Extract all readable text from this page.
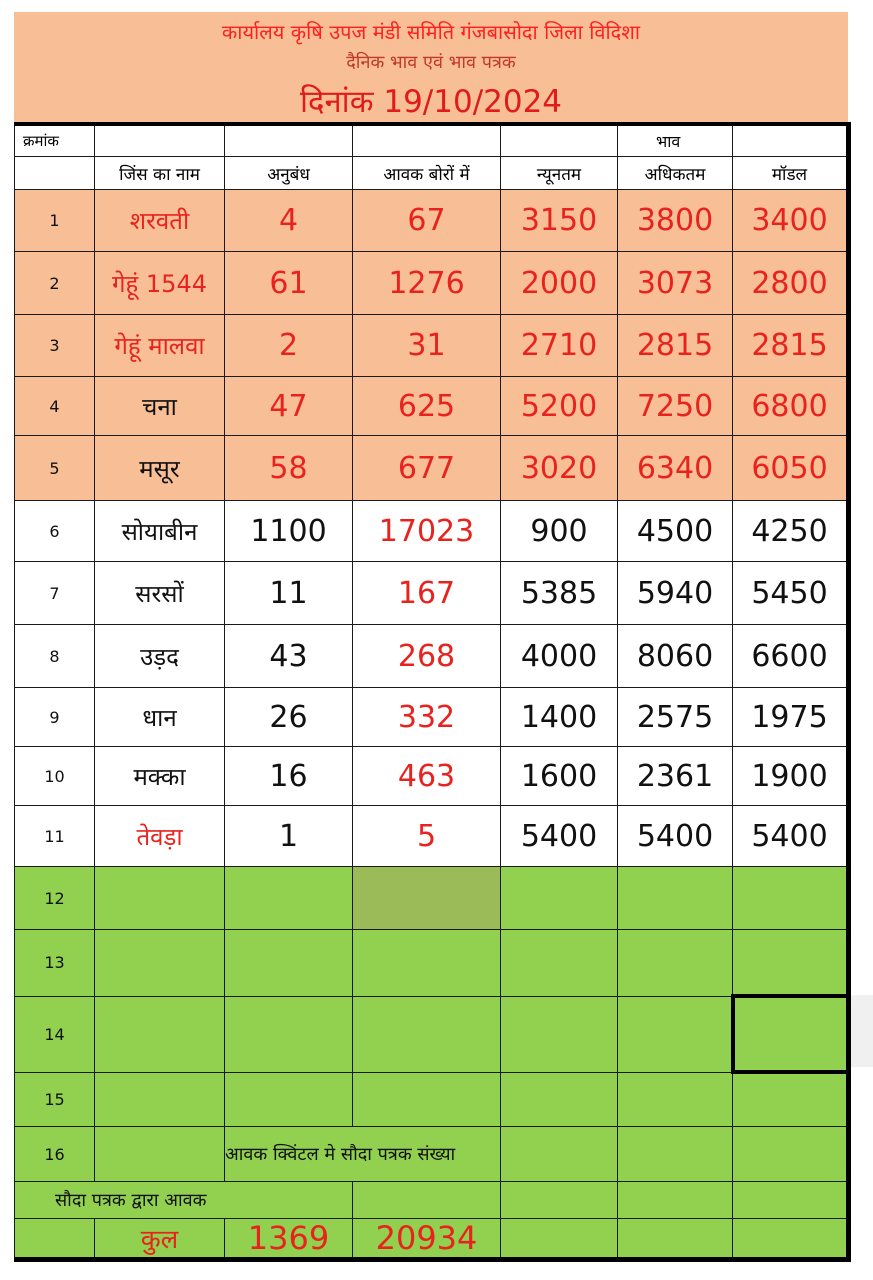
कार्यालय कृषि उपज मंडी समिति गंजबासोदा जिला विदिशा
दैनिक भाव एवं भाव पत्रक
दिनांक 19/10/2024
क्रमांक					भाव	
	जिंस का नाम	अनुबंध	आवक बोरों में	न्यूनतम	अधिकतम	मॉडल
1	शरवती	4	67	3150	3800	3400
2	गेहूं 1544	61	1276	2000	3073	2800
3	गेहूं मालवा	2	31	2710	2815	2815
4	चना	47	625	5200	7250	6800
5	मसूर	58	677	3020	6340	6050
6	सोयाबीन	1100	17023	900	4500	4250
7	सरसों	11	167	5385	5940	5450
8	उड़द	43	268	4000	8060	6600
9	धान	26	332	1400	2575	1975
10	मक्का	16	463	1600	2361	1900
11	तेवड़ा	1	5	5400	5400	5400
12						
13						
14						
15						
16		आवक क्विंटल मे सौदा पत्रक संख्या				
सौदा पत्रक द्वारा आवक						
	कुल	1369	20934			
